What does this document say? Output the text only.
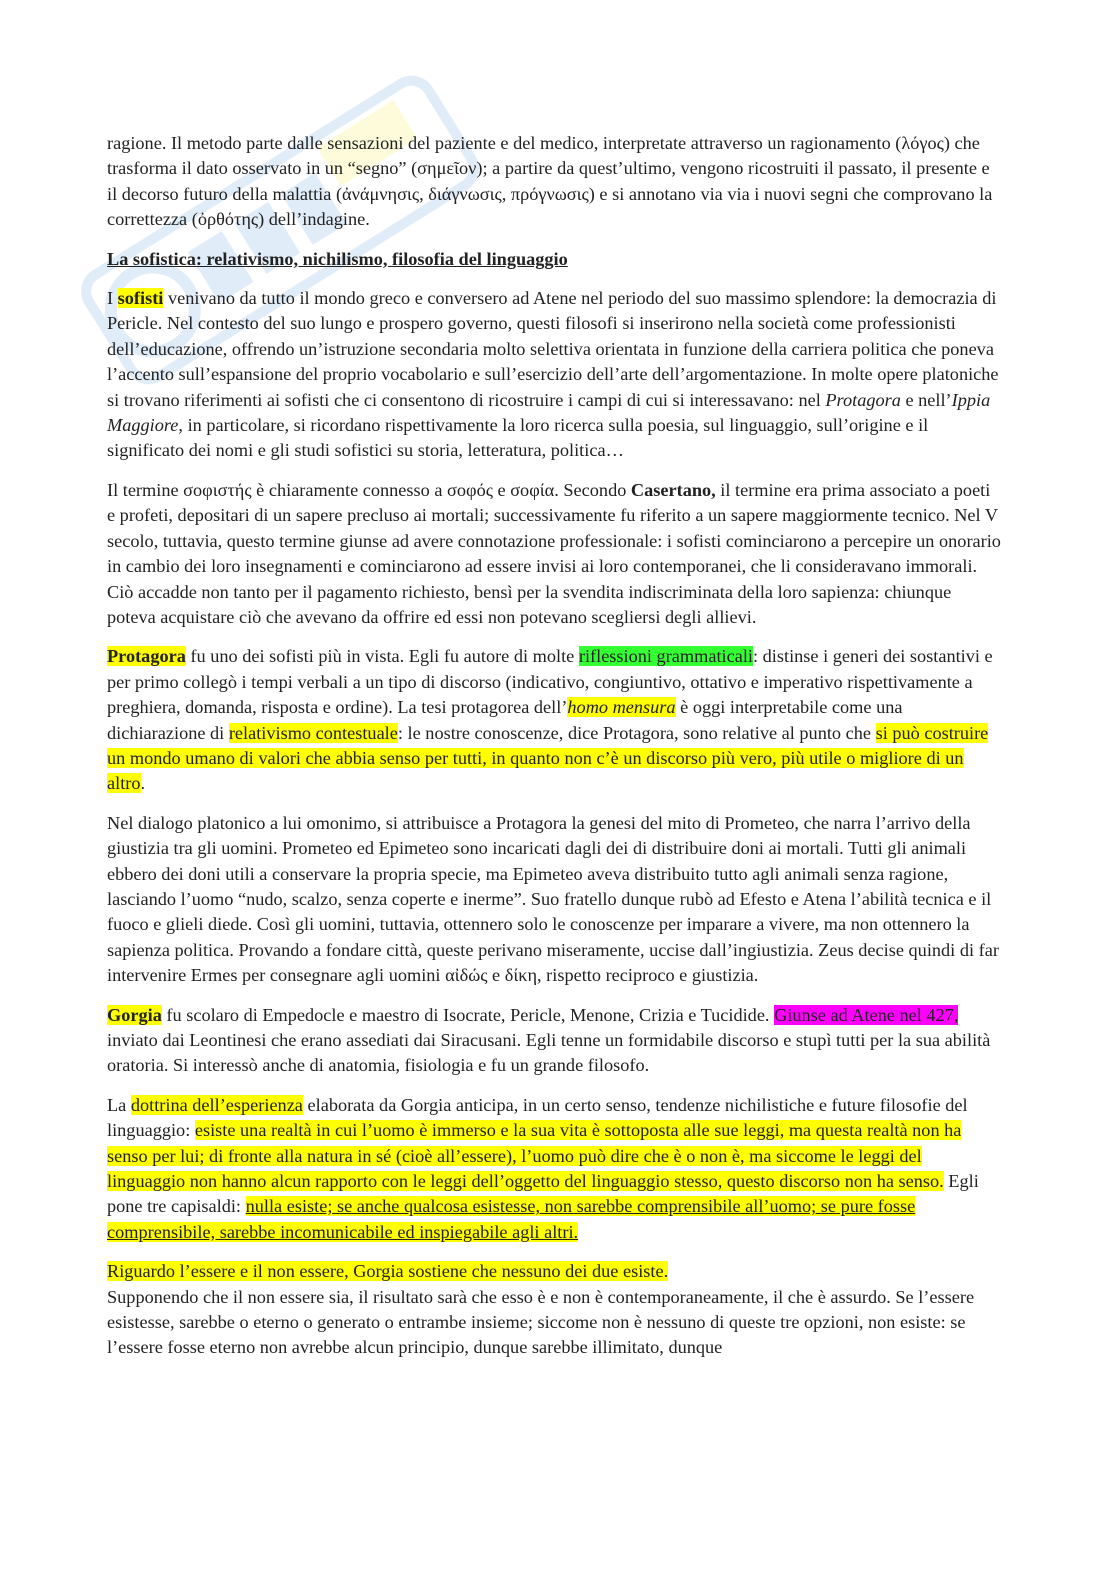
ragione. Il metodo parte dalle sensazioni del paziente e del medico, interpretate attraverso un ragionamento (λόγος) che trasforma il dato osservato in un “segno” (σημεῖον); a partire da quest’ultimo, vengono ricostruiti il passato, il presente e il decorso futuro della malattia (ἀνάμνησις, διάγνωσις, πρόγνωσις) e si annotano via via i nuovi segni che comprovano la correttezza (ὀρθότης) dell’indagine.

La sofistica: relativismo, nichilismo, filosofia del linguaggio

I sofisti venivano da tutto il mondo greco e conversero ad Atene nel periodo del suo massimo splendore: la democrazia di Pericle. Nel contesto del suo lungo e prospero governo, questi filosofi si inserirono nella società come professionisti dell’educazione, offrendo un’istruzione secondaria molto selettiva orientata in funzione della carriera politica che poneva l’accento sull’espansione del proprio vocabolario e sull’esercizio dell’arte dell’argomentazione. In molte opere platoniche si trovano riferimenti ai sofisti che ci consentono di ricostruire i campi di cui si interessavano: nel Protagora e nell’Ippia Maggiore, in particolare, si ricordano rispettivamente la loro ricerca sulla poesia, sul linguaggio, sull’origine e il significato dei nomi e gli studi sofistici su storia, letteratura, politica…

Il termine σοφιστής è chiaramente connesso a σοφός e σοφία. Secondo Casertano, il termine era prima associato a poeti e profeti, depositari di un sapere precluso ai mortali; successivamente fu riferito a un sapere maggiormente tecnico. Nel V secolo, tuttavia, questo termine giunse ad avere connotazione professionale: i sofisti cominciarono a percepire un onorario in cambio dei loro insegnamenti e cominciarono ad essere invisi ai loro contemporanei, che li consideravano immorali. Ciò accadde non tanto per il pagamento richiesto, bensì per la svendita indiscriminata della loro sapienza: chiunque poteva acquistare ciò che avevano da offrire ed essi non potevano scegliersi degli allievi.

Protagora fu uno dei sofisti più in vista. Egli fu autore di molte riflessioni grammaticali: distinse i generi dei sostantivi e per primo collegò i tempi verbali a un tipo di discorso (indicativo, congiuntivo, ottativo e imperativo rispettivamente a preghiera, domanda, risposta e ordine). La tesi protagorea dell’homo mensura è oggi interpretabile come una dichiarazione di relativismo contestuale: le nostre conoscenze, dice Protagora, sono relative al punto che si può costruire un mondo umano di valori che abbia senso per tutti, in quanto non c’è un discorso più vero, più utile o migliore di un altro.

Nel dialogo platonico a lui omonimo, si attribuisce a Protagora la genesi del mito di Prometeo, che narra l’arrivo della giustizia tra gli uomini. Prometeo ed Epimeteo sono incaricati dagli dei di distribuire doni ai mortali. Tutti gli animali ebbero dei doni utili a conservare la propria specie, ma Epimeteo aveva distribuito tutto agli animali senza ragione, lasciando l’uomo “nudo, scalzo, senza coperte e inerme”. Suo fratello dunque rubò ad Efesto e Atena l’abilità tecnica e il fuoco e glieli diede. Così gli uomini, tuttavia, ottennero solo le conoscenze per imparare a vivere, ma non ottennero la sapienza politica. Provando a fondare città, queste perivano miseramente, uccise dall’ingiustizia. Zeus decise quindi di far intervenire Ermes per consegnare agli uomini αἰδώς e δίκη, rispetto reciproco e giustizia.

Gorgia fu scolaro di Empedocle e maestro di Isocrate, Pericle, Menone, Crizia e Tucidide. Giunse ad Atene nel 427, inviato dai Leontinesi che erano assediati dai Siracusani. Egli tenne un formidabile discorso e stupì tutti per la sua abilità oratoria. Si interessò anche di anatomia, fisiologia e fu un grande filosofo.

La dottrina dell’esperienza elaborata da Gorgia anticipa, in un certo senso, tendenze nichilistiche e future filosofie del linguaggio: esiste una realtà in cui l’uomo è immerso e la sua vita è sottoposta alle sue leggi, ma questa realtà non ha senso per lui; di fronte alla natura in sé (cioè all’essere), l’uomo può dire che è o non è, ma siccome le leggi del linguaggio non hanno alcun rapporto con le leggi dell’oggetto del linguaggio stesso, questo discorso non ha senso. Egli pone tre capisaldi: nulla esiste; se anche qualcosa esistesse, non sarebbe comprensibile all’uomo; se pure fosse comprensibile, sarebbe incomunicabile ed inspiegabile agli altri.

Riguardo l’essere e il non essere, Gorgia sostiene che nessuno dei due esiste.

Supponendo che il non essere sia, il risultato sarà che esso è e non è contemporaneamente, il che è assurdo. Se l’essere esistesse, sarebbe o eterno o generato o entrambe insieme; siccome non è nessuno di queste tre opzioni, non esiste: se l’essere fosse eterno non avrebbe alcun principio, dunque sarebbe illimitato, dunque
